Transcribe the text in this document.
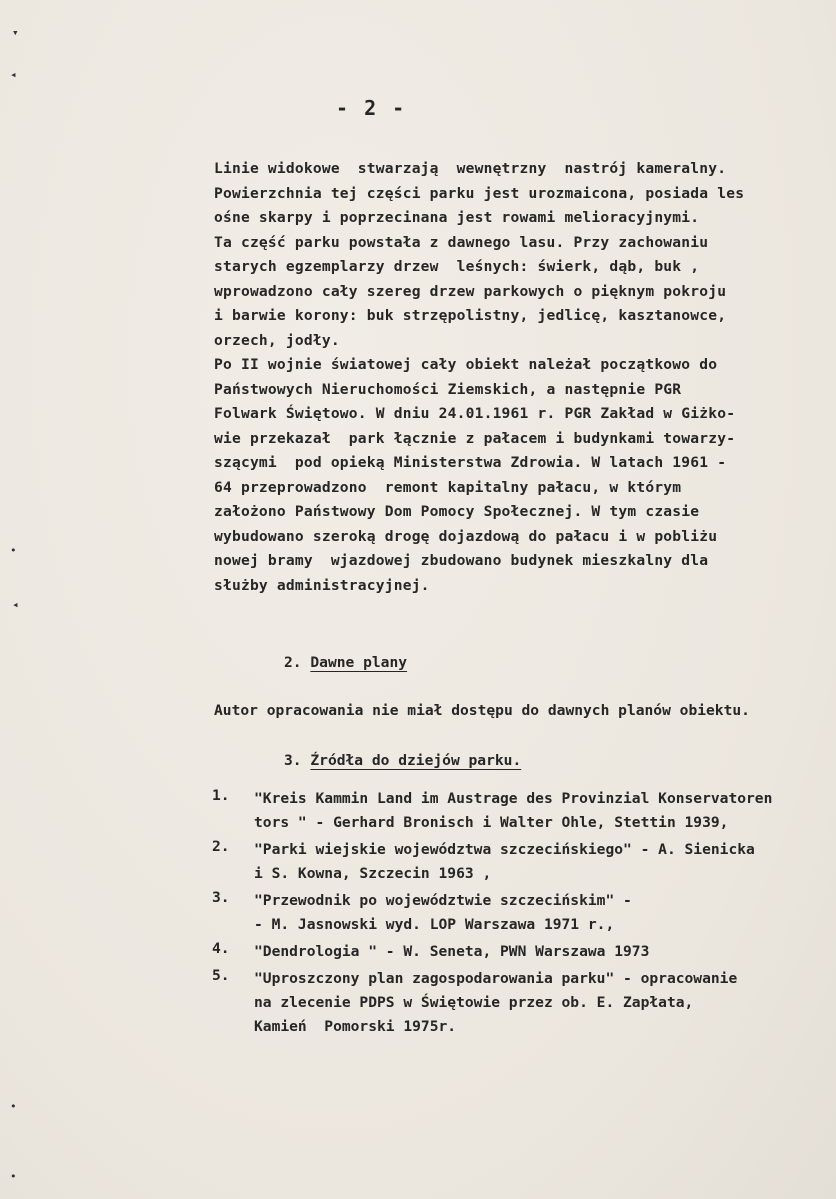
▾
◂
•
◂
•
•
- 2 -
Linie widokowe  stwarzają  wewnętrzny  nastrój kameralny.
Powierzchnia tej części parku jest urozmaicona, posiada les
ośne skarpy i poprzecinana jest rowami melioracyjnymi.
Ta część parku powstała z dawnego lasu. Przy zachowaniu
starych egzemplarzy drzew  leśnych: świerk, dąb, buk ,
wprowadzono cały szereg drzew parkowych o pięknym pokroju
i barwie korony: buk strzępolistny, jedlicę, kasztanowce,
orzech, jodły.
Po II wojnie światowej cały obiekt należał początkowo do
Państwowych Nieruchomości Ziemskich, a następnie PGR
Folwark Świętowo. W dniu 24.01.1961 r. PGR Zakład w Giżko-
wie przekazał  park łącznie z pałacem i budynkami towarzy-
szącymi  pod opieką Ministerstwa Zdrowia. W latach 1961 -
64 przeprowadzono  remont kapitalny pałacu, w którym
założono Państwowy Dom Pomocy Społecznej. W tym czasie
wybudowano szeroką drogę dojazdową do pałacu i w pobliżu
nowej bramy  wjazdowej zbudowano budynek mieszkalny dla
służby administracyjnej.
2. Dawne plany
Autor opracowania nie miał dostępu do dawnych planów obiektu.
3. Źródła do dziejów parku.
1. "Kreis Kammin Land im Austrage des Provinzial Konservatoren
tors " - Gerhard Bronisch i Walter Ohle, Stettin 1939,
2. "Parki wiejskie województwa szczecińskiego" - A. Sienicka
i S. Kowna, Szczecin 1963 ,
3. "Przewodnik po województwie szczecińskim" -
- M. Jasnowski wyd. LOP Warszawa 1971 r.,
4. "Dendrologia " - W. Seneta, PWN Warszawa 1973
5. "Uproszczony plan zagospodarowania parku" - opracowanie
na zlecenie PDPS w Świętowie przez ob. E. Zapłata,
Kamień  Pomorski 1975r.
